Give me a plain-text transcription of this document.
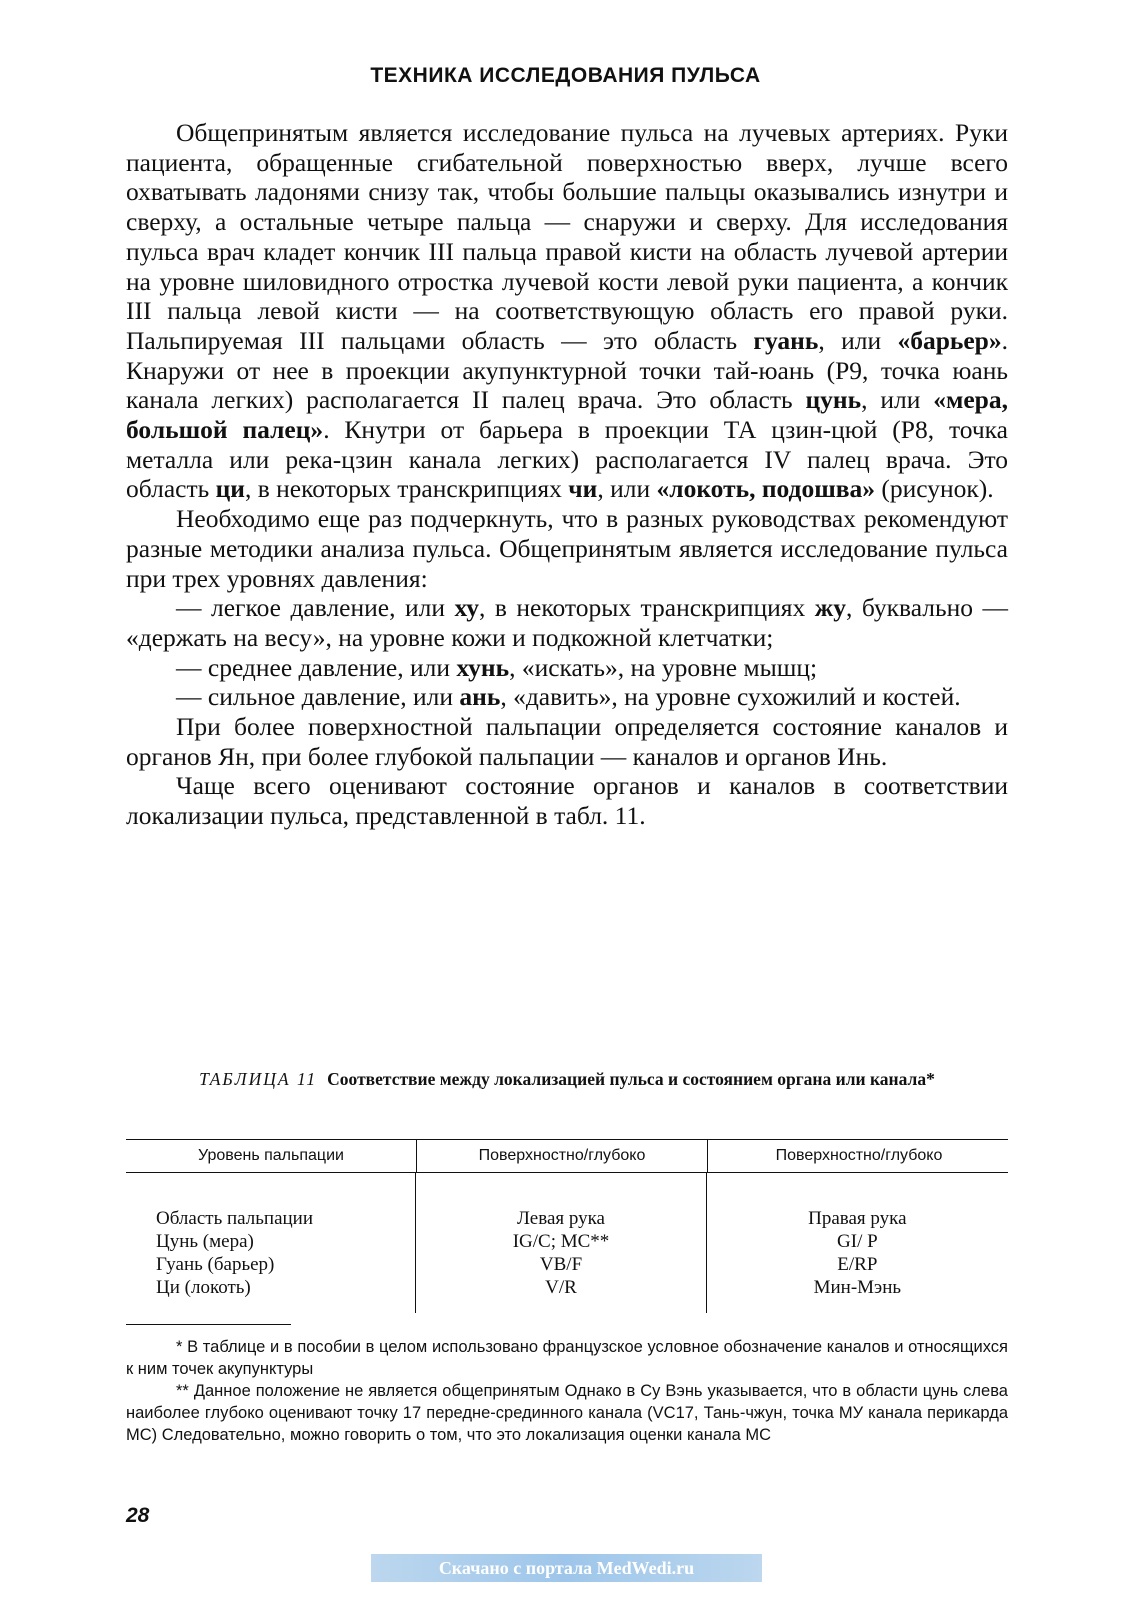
ТЕХНИКА ИССЛЕДОВАНИЯ ПУЛЬСА

Общепринятым является исследование пульса на лучевых артериях. Руки пациента, обращенные сгибательной поверхностью вверх, лучше всего охватывать ладонями снизу так, чтобы большие пальцы оказывались изнутри и сверху, а остальные четыре пальца — снаружи и сверху. Для исследования пульса врач кладет кончик III пальца правой кисти на область лучевой артерии на уровне шиловидного отростка лучевой кости левой руки пациента, а кончик III пальца левой кисти — на соответствующую область его правой руки. Пальпируемая III пальцами область — это область гуань, или «барьер». Кнаружи от нее в проекции акупунктурной точки тай-юань (P9, точка юань канала легких) располагается II палец врача. Это область цунь, или «мера, большой палец». Кнутри от барьера в проекции ТА цзин-цюй (P8, точка металла или река-цзин канала легких) располагается IV палец врача. Это область ци, в некоторых транскрипциях чи, или «локоть, подошва» (рисунок).

Необходимо еще раз подчеркнуть, что в разных руководствах рекомендуют разные методики анализа пульса. Общепринятым является исследование пульса при трех уровнях давления:

— легкое давление, или ху, в некоторых транскрипциях жу, буквально — «держать на весу», на уровне кожи и подкожной клетчатки;

— среднее давление, или хунь, «искать», на уровне мышц;

— сильное давление, или ань, «давить», на уровне сухожилий и костей.

При более поверхностной пальпации определяется состояние каналов и органов Ян, при более глубокой пальпации — каналов и органов Инь.

Чаще всего оценивают состояние органов и каналов в соответствии локализации пульса, представленной в табл. 11.

ТАБЛИЦА 11 Соответствие между локализацией пульса и состоянием органа или канала*
Уровень пальпации	Поверхностно/глубоко	Поверхностно/глубоко
Область пальпации
Цунь (мера)
Гуань (барьер)
Ци (локоть)
Левая рука
IG/C; MC**
VB/F
V/R
Правая рука
GI/ P
E/RP
Мин-Мэнь

* В таблице и в пособии в целом использовано французское условное обозначение каналов и относящихся к ним точек акупунктуры

** Данное положение не является общепринятым Однако в Су Вэнь указывается, что в области цунь слева наиболее глубоко оценивают точку 17 передне-срединного канала (VC17, Тань-чжун, точка МУ канала перикарда МС) Следовательно, можно говорить о том, что это локализация оценки канала МС

28
Скачано с портала MedWedi.ru
